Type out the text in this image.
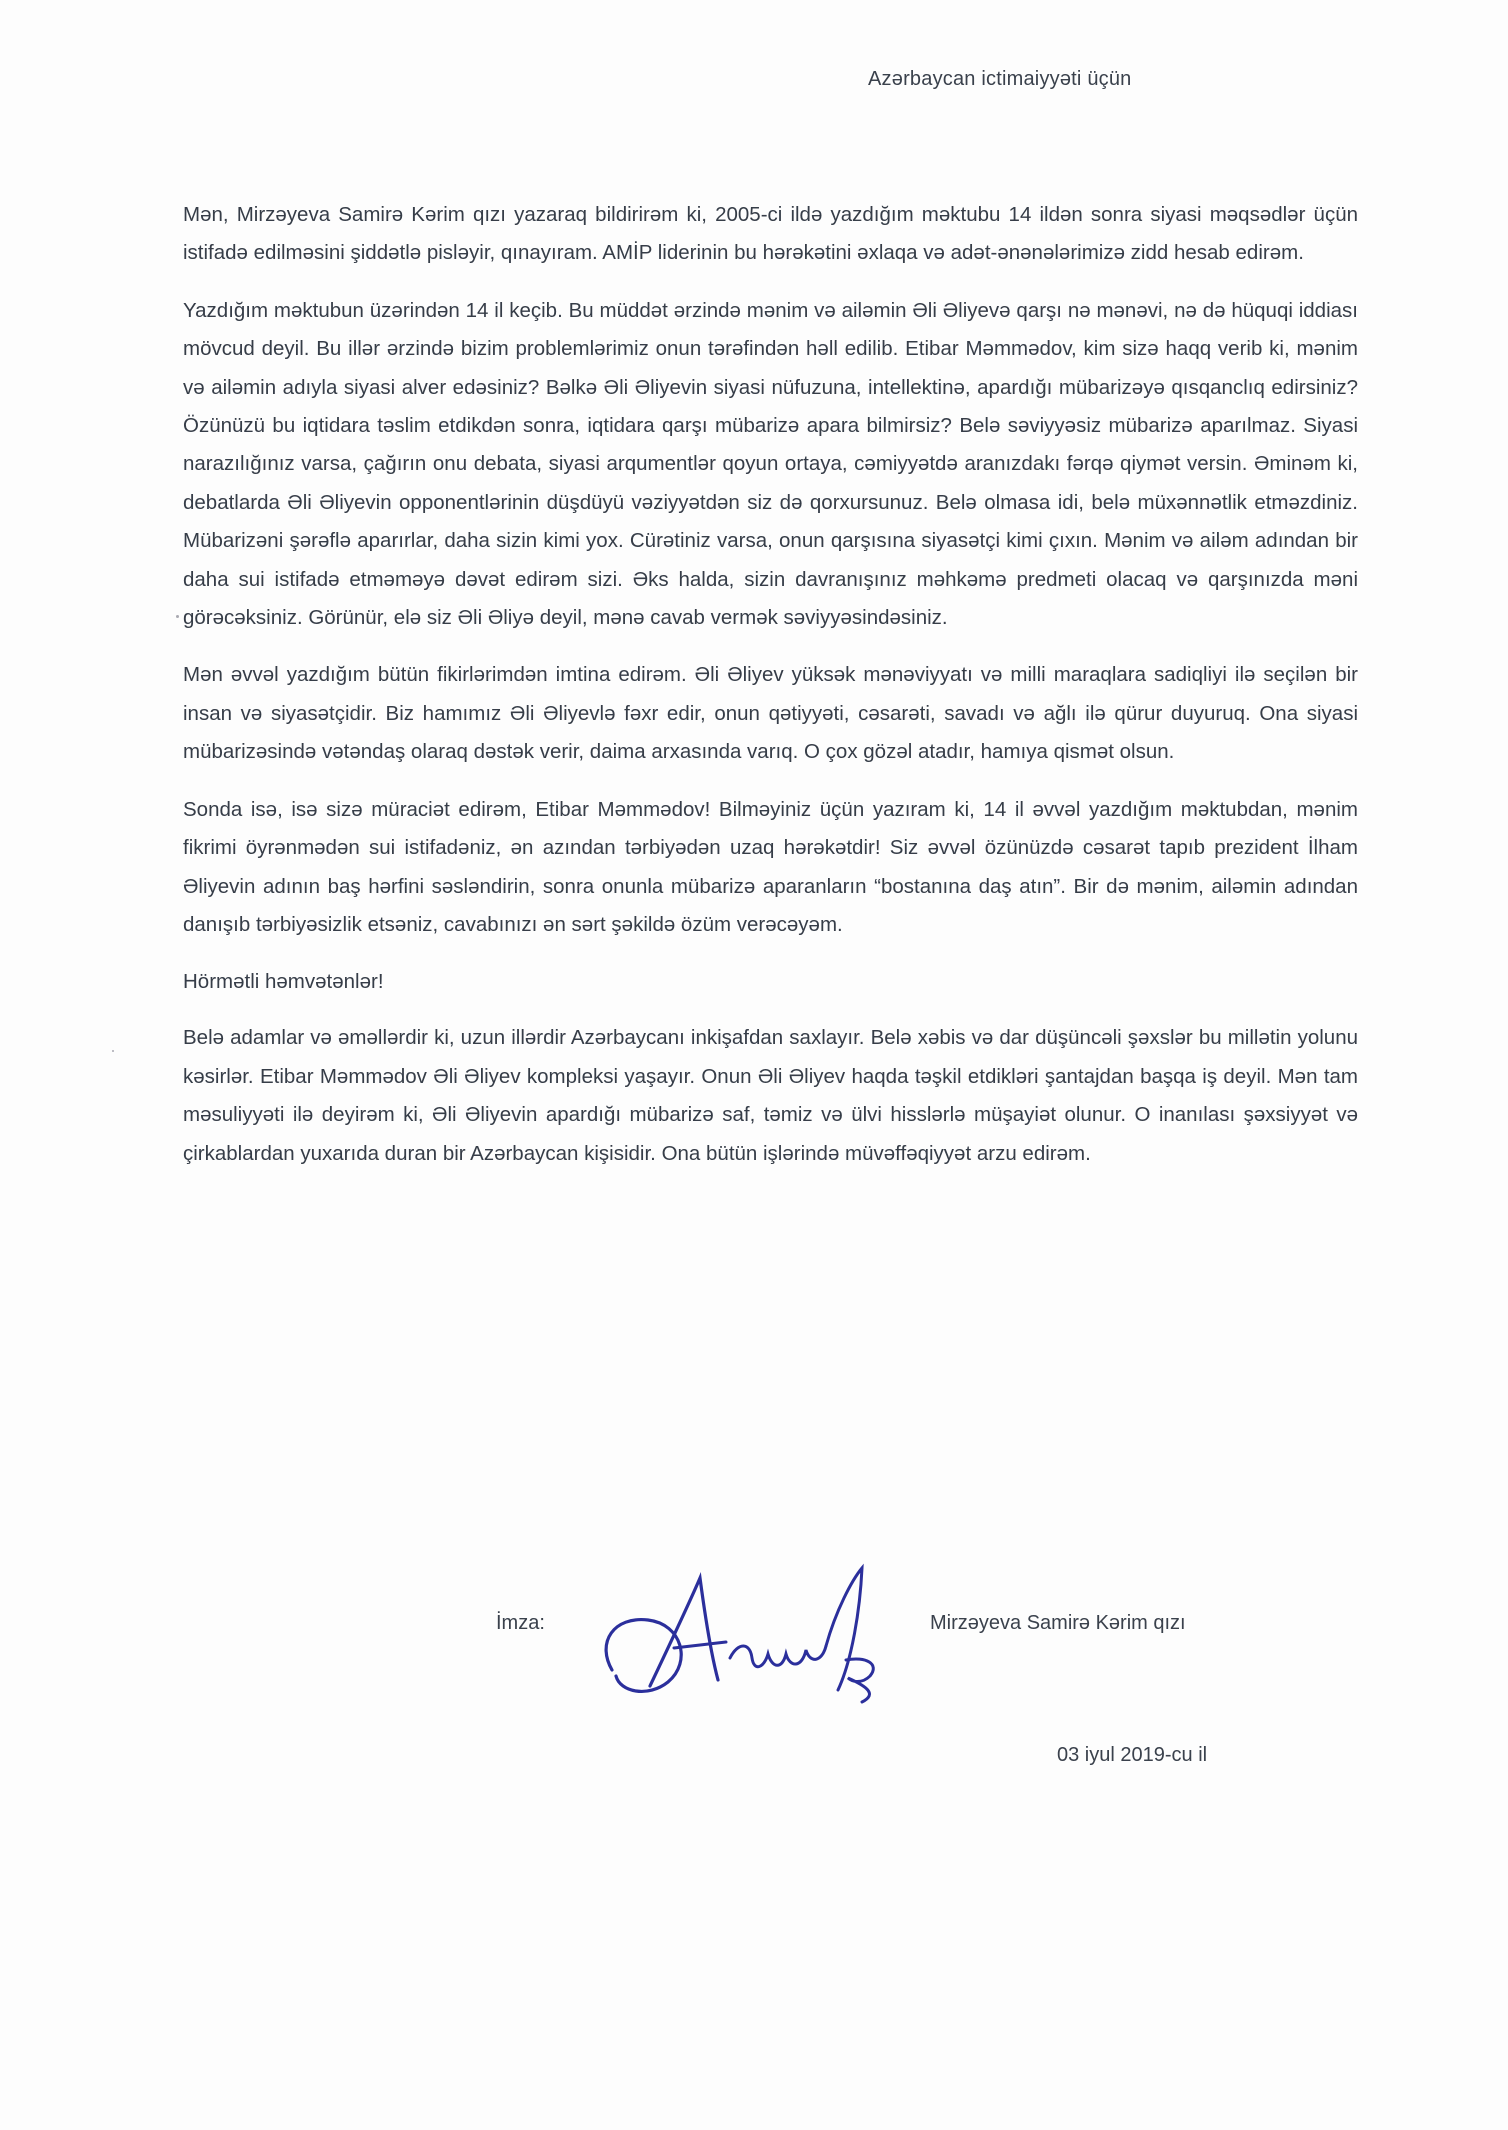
Azərbaycan ictimaiyyəti üçün

Mən, Mirzəyeva Samirə Kərim qızı yazaraq bildirirəm ki, 2005-ci ildə yazdığım məktubu 14 ildən sonra siyasi məqsədlər üçün istifadə edilməsini şiddətlə pisləyir, qınayıram. AMİP liderinin bu hərəkətini əxlaqa və adət-ənənələrimizə zidd hesab edirəm.

Yazdığım məktubun üzərindən 14 il keçib. Bu müddət ərzində mənim və ailəmin Əli Əliyevə qarşı nə mənəvi, nə də hüquqi iddiası mövcud deyil. Bu illər ərzində bizim problemlərimiz onun tərəfindən həll edilib. Etibar Məmmədov, kim sizə haqq verib ki, mənim və ailəmin adıyla siyasi alver edəsiniz? Bəlkə Əli Əliyevin siyasi nüfuzuna, intellektinə, apardığı mübarizəyə qısqanclıq edirsiniz? Özünüzü bu iqtidara təslim etdikdən sonra, iqtidara qarşı mübarizə apara bilmirsiz? Belə səviyyəsiz mübarizə aparılmaz. Siyasi narazılığınız varsa, çağırın onu debata, siyasi arqumentlər qoyun ortaya, cəmiyyətdə aranızdakı fərqə qiymət versin. Əminəm ki, debatlarda Əli Əliyevin opponentlərinin düşdüyü vəziyyətdən siz də qorxursunuz. Belə olmasa idi, belə müxənnətlik etməzdiniz. Mübarizəni şərəflə aparırlar, daha sizin kimi yox. Cürətiniz varsa, onun qarşısına siyasətçi kimi çıxın. Mənim və ailəm adından bir daha sui istifadə etməməyə dəvət edirəm sizi. Əks halda, sizin davranışınız məhkəmə predmeti olacaq və qarşınızda məni görəcəksiniz. Görünür, elə siz Əli Əliyə deyil, mənə cavab vermək səviyyəsindəsiniz.

Mən əvvəl yazdığım bütün fikirlərimdən imtina edirəm. Əli Əliyev yüksək mənəviyyatı və milli maraqlara sadiqliyi ilə seçilən bir insan və siyasətçidir. Biz hamımız Əli Əliyevlə fəxr edir, onun qətiyyəti, cəsarəti, savadı və ağlı ilə qürur duyuruq. Ona siyasi mübarizəsində vətəndaş olaraq dəstək verir, daima arxasında varıq. O çox gözəl atadır, hamıya qismət olsun.

Sonda isə, isə sizə müraciət edirəm, Etibar Məmmədov! Bilməyiniz üçün yazıram ki, 14 il əvvəl yazdığım məktubdan, mənim fikrimi öyrənmədən sui istifadəniz, ən azından tərbiyədən uzaq hərəkətdir! Siz əvvəl özünüzdə cəsarət tapıb prezident İlham Əliyevin adının baş hərfini səsləndirin, sonra onunla mübarizə aparanların “bostanına daş atın”. Bir də mənim, ailəmin adından danışıb tərbiyəsizlik etsəniz, cavabınızı ən sərt şəkildə özüm verəcəyəm.

Hörmətli həmvətənlər!

Belə adamlar və əməllərdir ki, uzun illərdir Azərbaycanı inkişafdan saxlayır. Belə xəbis və dar düşüncəli şəxslər bu millətin yolunu kəsirlər. Etibar Məmmədov Əli Əliyev kompleksi yaşayır. Onun Əli Əliyev haqda təşkil etdikləri şantajdan başqa iş deyil. Mən tam məsuliyyəti ilə deyirəm ki, Əli Əliyevin apardığı mübarizə saf, təmiz və ülvi hisslərlə müşayiət olunur. O inanılası şəxsiyyət və çirkablardan yuxarıda duran bir Azərbaycan kişisidir. Ona bütün işlərində müvəffəqiyyət arzu edirəm.

İmza:	Mirzəyeva Samirə Kərim qızı
03 iyul 2019-cu il
